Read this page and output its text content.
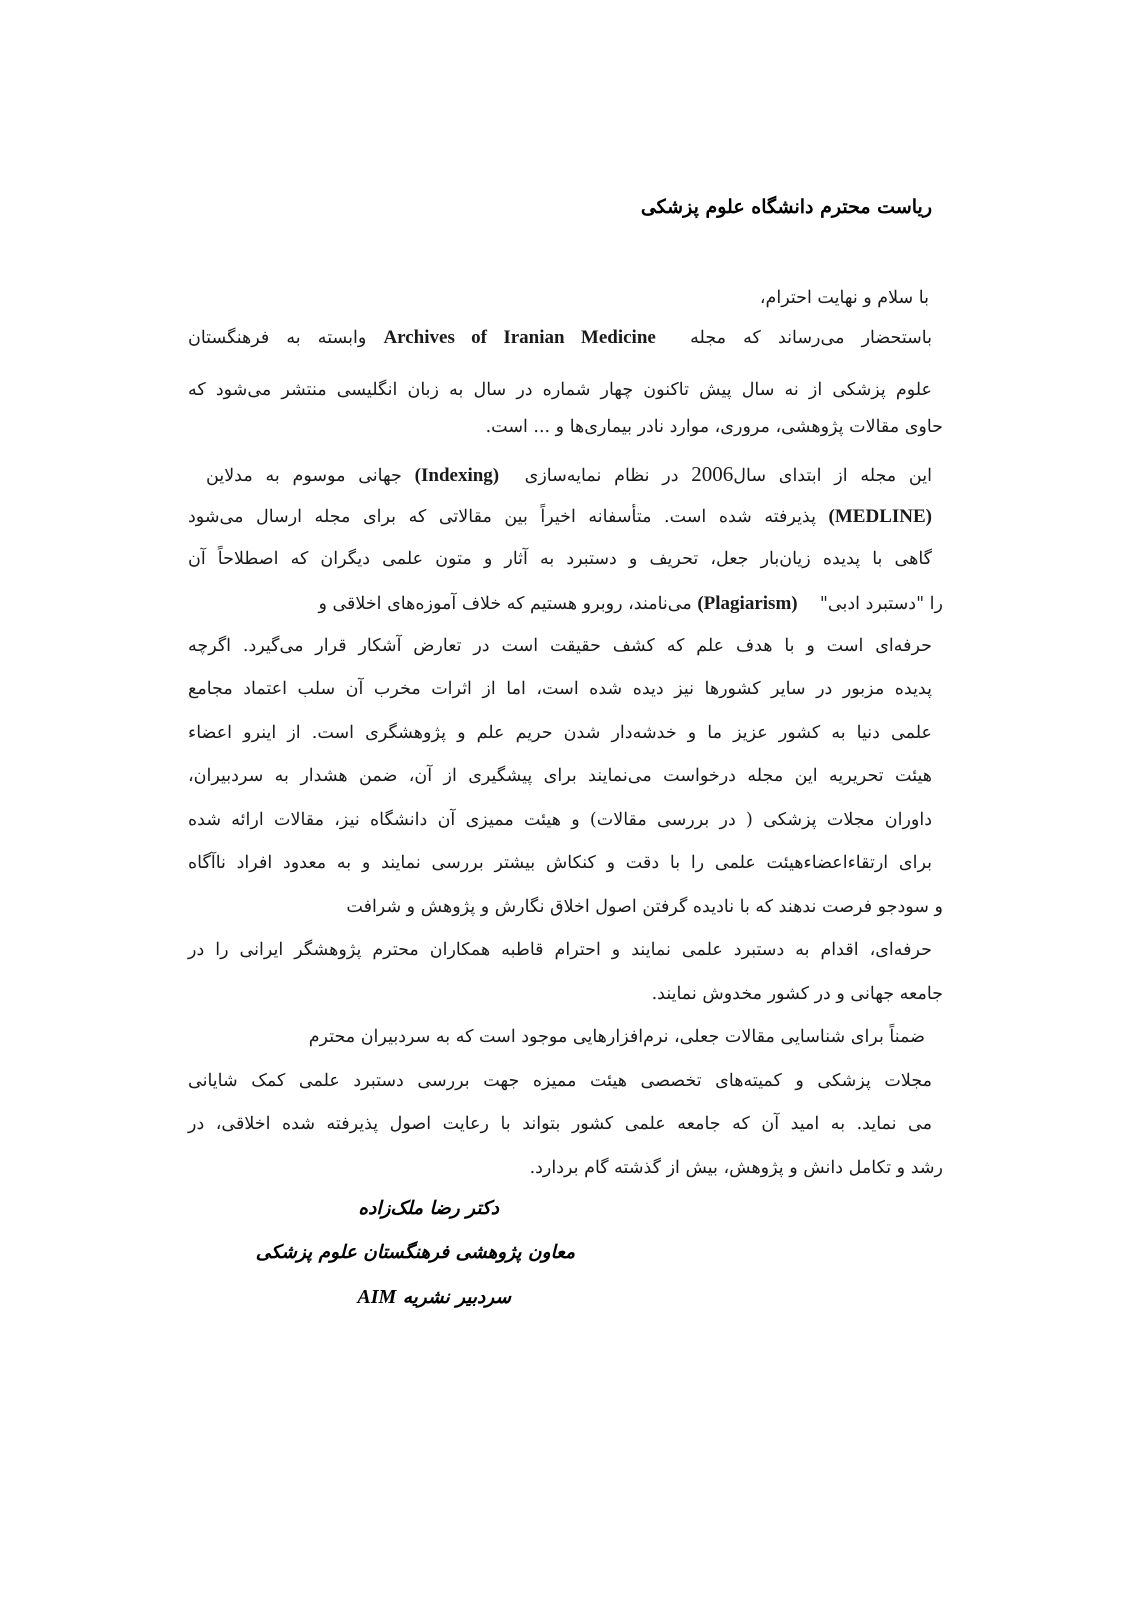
ریاست محترم دانشگاه علوم پزشکی
با سلام و نهایت احترام،
باستحضار می‌رساند که مجله  Archives of Iranian Medicine وابسته به فرهنگستان
علوم پزشکی از نه سال پیش تاکنون چهار شماره در سال به زبان انگلیسی منتشر می‌شود که
حاوی مقالات پژوهشی، مروری، موارد نادر بیماری‌ها و ... است.
این مجله از ابتدای سال2006 در نظام نمایه‌سازی  (Indexing) جهانی موسوم به مدلاین
(MEDLINE) پذیرفته شده است. متأسفانه اخیراً بین مقالاتی که برای مجله ارسال می‌شود
گاهی با پدیده زیان‌بار جعل، تحریف و دستبرد به آثار و متون علمی دیگران که اصطلاحاً آن
را "دستبرد ادبی"    (Plagiarism) می‌نامند، روبرو هستیم که خلاف آموزه‌های اخلاقی و
حرفه‌ای است و با هدف علم که کشف حقیقت است در تعارض آشکار قرار می‌گیرد. اگرچه
پدیده مزبور در سایر کشورها نیز دیده شده است، اما از اثرات مخرب آن سلب اعتماد مجامع
علمی دنیا به کشور عزیز ما و خدشه‌دار شدن حریم علم و پژوهشگری است. از اینرو اعضاء
هیئت تحریریه این مجله درخواست می‌نمایند برای پیشگیری از آن، ضمن هشدار به سردبیران،
داوران مجلات پزشکی ( در بررسی مقالات) و هیئت ممیزی آن دانشگاه نیز، مقالات ارائه شده
برای ارتقاءاعضاءهیئت علمی را با دقت و کنکاش بیشتر بررسی نمایند و به معدود افراد ناآگاه
و سودجو فرصت ندهند که با نادیده گرفتن اصول اخلاق نگارش و پژوهش و شرافت
حرفه‌ای، اقدام به دستبرد علمی نمایند و احترام قاطبه همکاران محترم پژوهشگر ایرانی را در
جامعه جهانی و در کشور مخدوش نمایند.
ضمناً برای شناسایی مقالات جعلی، نرم‌افزارهایی موجود است که به سردبیران محترم
مجلات پزشکی و کمیته‌های تخصصی هیئت ممیزه جهت بررسی دستبرد علمی کمک شایانی
می نماید. به امید آن که جامعه علمی کشور بتواند با رعایت اصول پذیرفته شده اخلاقی، در
رشد و تکامل دانش و پژوهش، بیش از گذشته گام بردارد.
دکتر رضا ملک‌زاده
معاون پژوهشی فرهنگستان علوم پزشکی
سردبیر نشریه AIM
